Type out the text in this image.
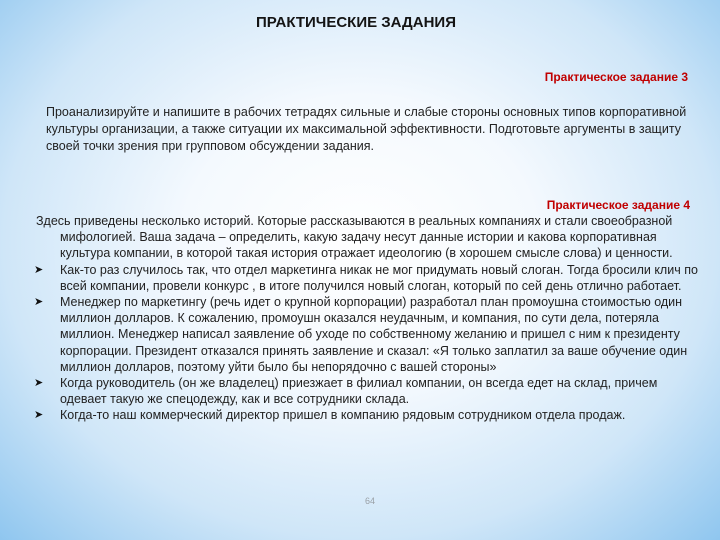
ПРАКТИЧЕСКИЕ ЗАДАНИЯ
Практическое задание 3
Проанализируйте и напишите в рабочих тетрадях сильные и слабые стороны основных типов корпоративной культуры организации, а также ситуации их максимальной эффективности. Подготовьте аргументы в защиту своей точки зрения при групповом обсуждении задания.
Практическое задание 4
Здесь приведены несколько историй. Которые рассказываются в реальных компаниях и стали своеобразной мифологией. Ваша задача – определить, какую задачу несут данные истории и какова корпоративная культура компании, в которой такая история отражает идеологию (в хорошем смысле слова) и ценности.
➤	Как-то раз случилось так, что отдел маркетинга никак не мог придумать новый слоган. Тогда бросили клич по всей компании, провели конкурс , в итоге получился новый слоган, который по сей день отлично работает.
➤	Менеджер по маркетингу (речь идет о крупной корпорации) разработал план промоушна стоимостью один миллион долларов. К сожалению, промоушн оказался неудачным, и компания, по сути дела, потеряла миллион. Менеджер написал заявление об уходе по собственному желанию и пришел с ним к президенту корпорации. Президент отказался принять заявление и сказал: «Я только заплатил за ваше обучение один миллион долларов, поэтому уйти было бы непорядочно с вашей стороны»
➤	Когда руководитель (он же владелец) приезжает в филиал компании, он всегда едет на склад, причем одевает такую же спецодежду, как и все сотрудники склада.
➤	Когда-то наш коммерческий директор пришел в компанию рядовым сотрудником отдела продаж.
64
